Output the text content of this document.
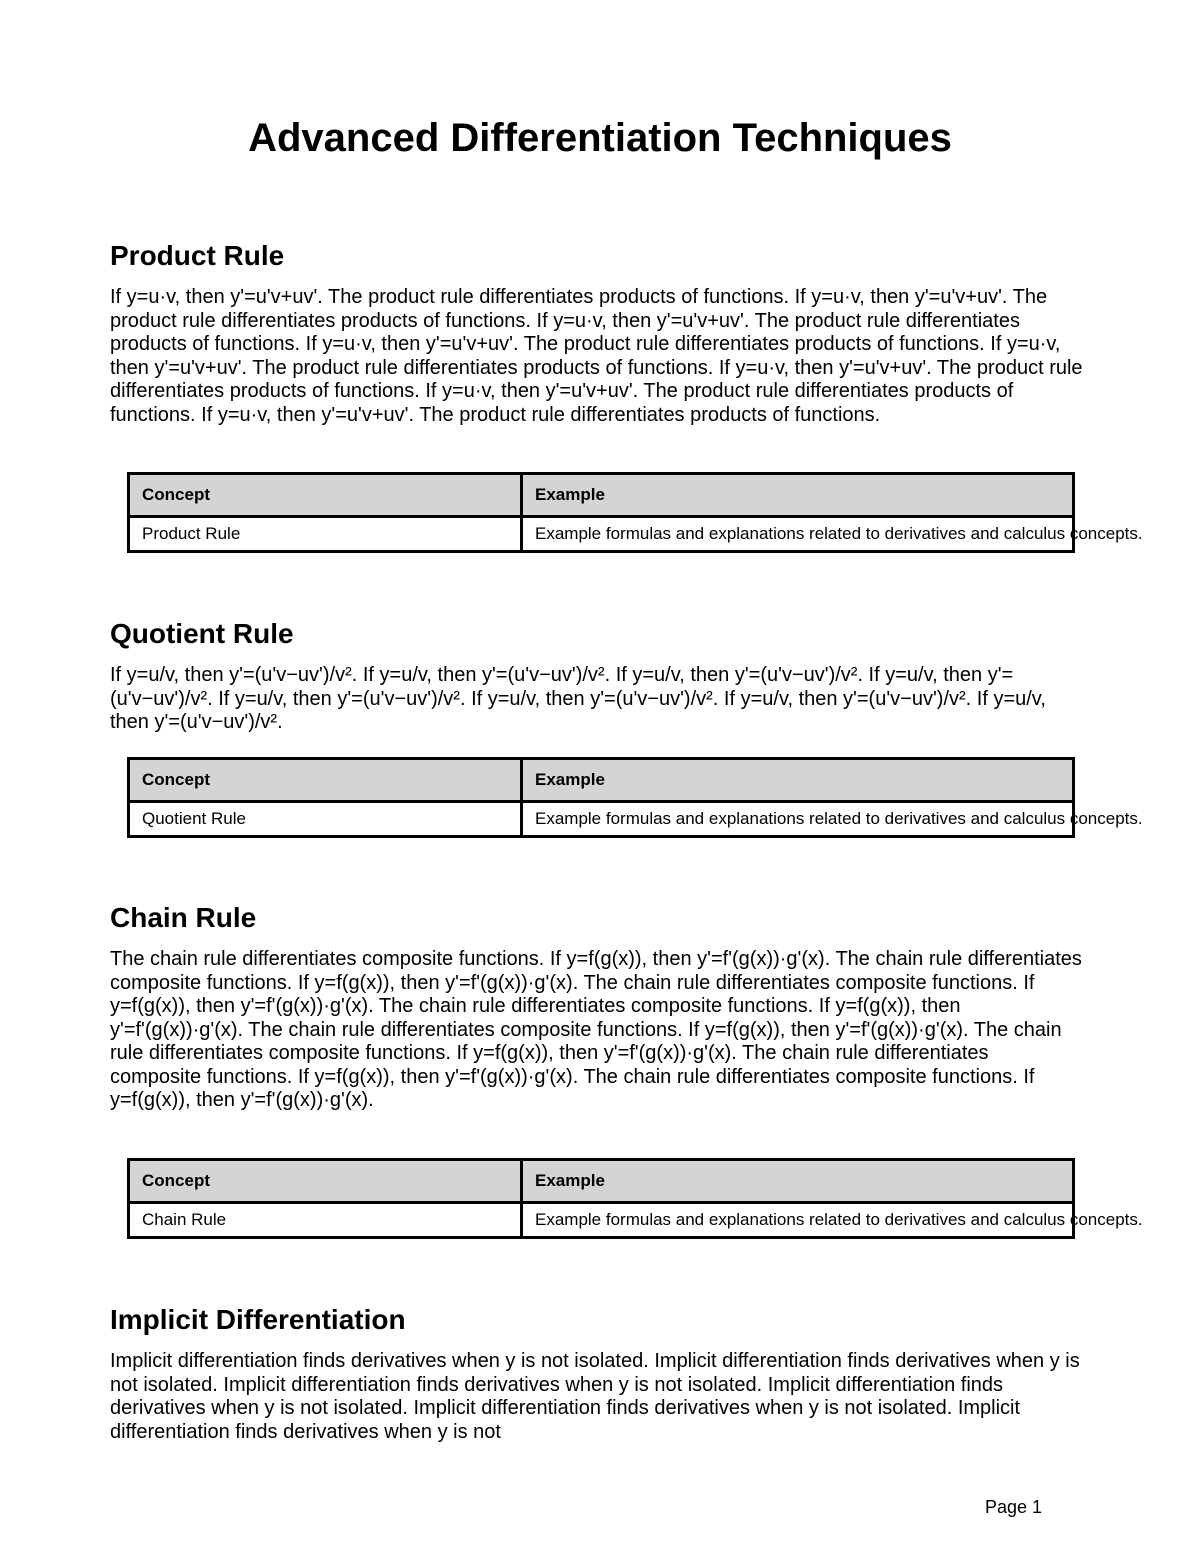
Advanced Differentiation Techniques
Product Rule

If y=u·v, then y'=u'v+uv'. The product rule differentiates products of functions. If y=u·v, then y'=u'v+uv'. The product rule differentiates products of functions. If y=u·v, then y'=u'v+uv'. The product rule differentiates products of functions. If y=u·v, then y'=u'v+uv'. The product rule differentiates products of functions. If y=u·v, then y'=u'v+uv'. The product rule differentiates products of functions. If y=u·v, then y'=u'v+uv'. The product rule differentiates products of functions. If y=u·v, then y'=u'v+uv'. The product rule differentiates products of functions. If y=u·v, then y'=u'v+uv'. The product rule differentiates products of functions.

Concept	Example
Product Rule	Example formulas and explanations related to derivatives and calculus concepts.
Quotient Rule

If y=u/v, then y'=(u'v−uv')/v². If y=u/v, then y'=(u'v−uv')/v². If y=u/v, then y'=(u'v−uv')/v². If y=u/v, then y'=(u'v−uv')/v². If y=u/v, then y'=(u'v−uv')/v². If y=u/v, then y'=(u'v−uv')/v². If y=u/v, then y'=(u'v−uv')/v². If y=u/v, then y'=(u'v−uv')/v².

Concept	Example
Quotient Rule	Example formulas and explanations related to derivatives and calculus concepts.
Chain Rule

The chain rule differentiates composite functions. If y=f(g(x)), then y'=f'(g(x))·g'(x). The chain rule differentiates composite functions. If y=f(g(x)), then y'=f'(g(x))·g'(x). The chain rule differentiates composite functions. If y=f(g(x)), then y'=f'(g(x))·g'(x). The chain rule differentiates composite functions. If y=f(g(x)), then y'=f'(g(x))·g'(x). The chain rule differentiates composite functions. If y=f(g(x)), then y'=f'(g(x))·g'(x). The chain rule differentiates composite functions. If y=f(g(x)), then y'=f'(g(x))·g'(x). The chain rule differentiates composite functions. If y=f(g(x)), then y'=f'(g(x))·g'(x). The chain rule differentiates composite functions. If y=f(g(x)), then y'=f'(g(x))·g'(x).

Concept	Example
Chain Rule	Example formulas and explanations related to derivatives and calculus concepts.
Implicit Differentiation

Implicit differentiation finds derivatives when y is not isolated. Implicit differentiation finds derivatives when y is not isolated. Implicit differentiation finds derivatives when y is not isolated. Implicit differentiation finds derivatives when y is not isolated. Implicit differentiation finds derivatives when y is not isolated. Implicit differentiation finds derivatives when y is not

Page 1
